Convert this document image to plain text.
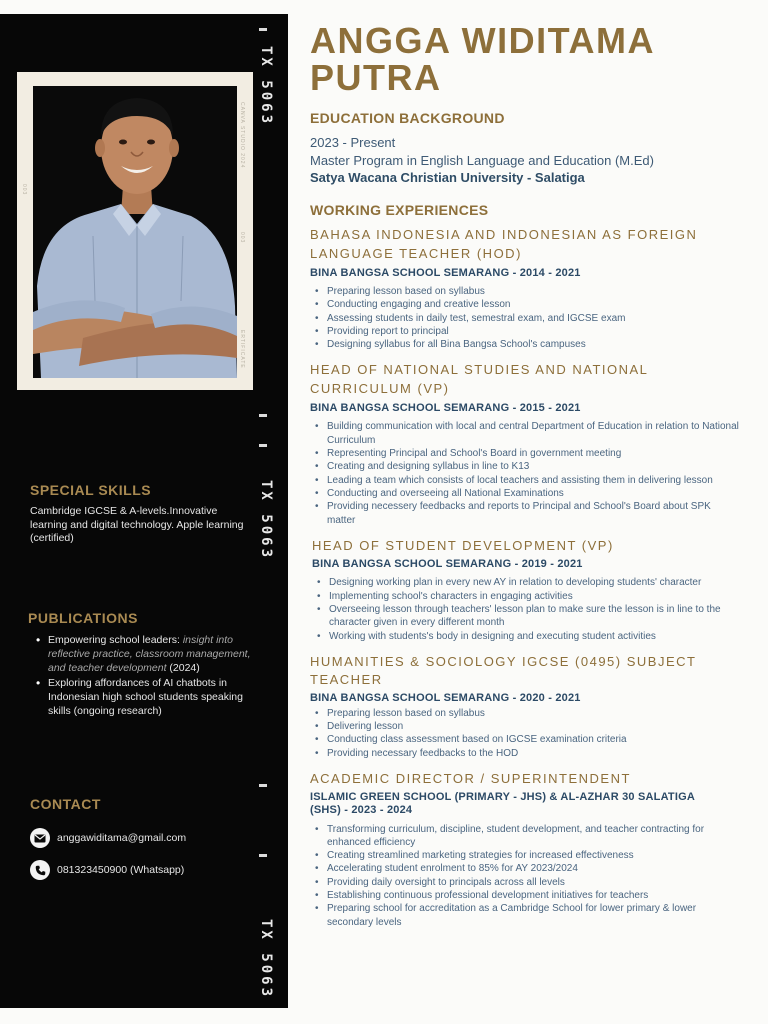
TX 5063
TX 5063
TX 5063
CANVA STUDIO 2024
003
003
ERTIFICATE
SPECIAL SKILLS
Cambridge IGCSE & A-levels.Innovative learning and digital technology. Apple learning (certified)
PUBLICATIONS
• Empowering school leaders: insight into reflective practice, classroom management, and teacher development (2024)
• Exploring affordances of AI chatbots in Indonesian high school students speaking skills (ongoing research)
CONTACT
anggawiditama@gmail.com
081323450900 (Whatsapp)
ANGGA WIDITAMA
PUTRA
EDUCATION BACKGROUND
2023 - Present
Master Program in English Language and Education (M.Ed)
Satya Wacana Christian University - Salatiga
WORKING EXPERIENCES
BAHASA INDONESIA AND INDONESIAN AS FOREIGN LANGUAGE TEACHER (HOD)
BINA BANGSA SCHOOL SEMARANG - 2014 - 2021
• Preparing lesson based on syllabus
• Conducting engaging and creative lesson
• Assessing students in daily test, semestral exam, and IGCSE exam
• Providing report to principal
• Designing syllabus for all Bina Bangsa School's campuses
HEAD OF NATIONAL STUDIES AND NATIONAL CURRICULUM (VP)
BINA BANGSA SCHOOL SEMARANG - 2015 - 2021
• Building communication with local and central Department of Education in relation to National Curriculum
• Representing Principal and School's Board in government meeting
• Creating and designing syllabus in line to K13
• Leading a team which consists of local teachers and assisting them in delivering lesson
• Conducting and overseeing all National Examinations
• Providing necessery feedbacks and reports to Principal and School's Board about SPK matter
HEAD OF STUDENT DEVELOPMENT (VP)
BINA BANGSA SCHOOL SEMARANG - 2019 - 2021
• Designing working plan in every new AY in relation to developing students' character
• Implementing school's characters in engaging activities
• Overseeing lesson through teachers' lesson plan to make sure the lesson is in line to the character given in every different month
• Working with students's body in designing and executing student activities
HUMANITIES & SOCIOLOGY IGCSE (0495) SUBJECT TEACHER
BINA BANGSA SCHOOL SEMARANG - 2020 - 2021
• Preparing lesson based on syllabus
• Delivering lesson
• Conducting class assessment based on IGCSE examination criteria
• Providing necessary feedbacks to the HOD
ACADEMIC DIRECTOR / SUPERINTENDENT
ISLAMIC GREEN SCHOOL (PRIMARY - JHS) & AL-AZHAR 30 SALATIGA (SHS) - 2023 - 2024
• Transforming curriculum, discipline, student development, and teacher contracting for enhanced efficiency
• Creating streamlined marketing strategies for increased effectiveness
• Accelerating student enrolment to 85% for AY 2023/2024
• Providing daily oversight to principals across all levels
• Establishing continuous professional development initiatives for teachers
• Preparing school for accreditation as a Cambridge School for lower primary & lower secondary levels
